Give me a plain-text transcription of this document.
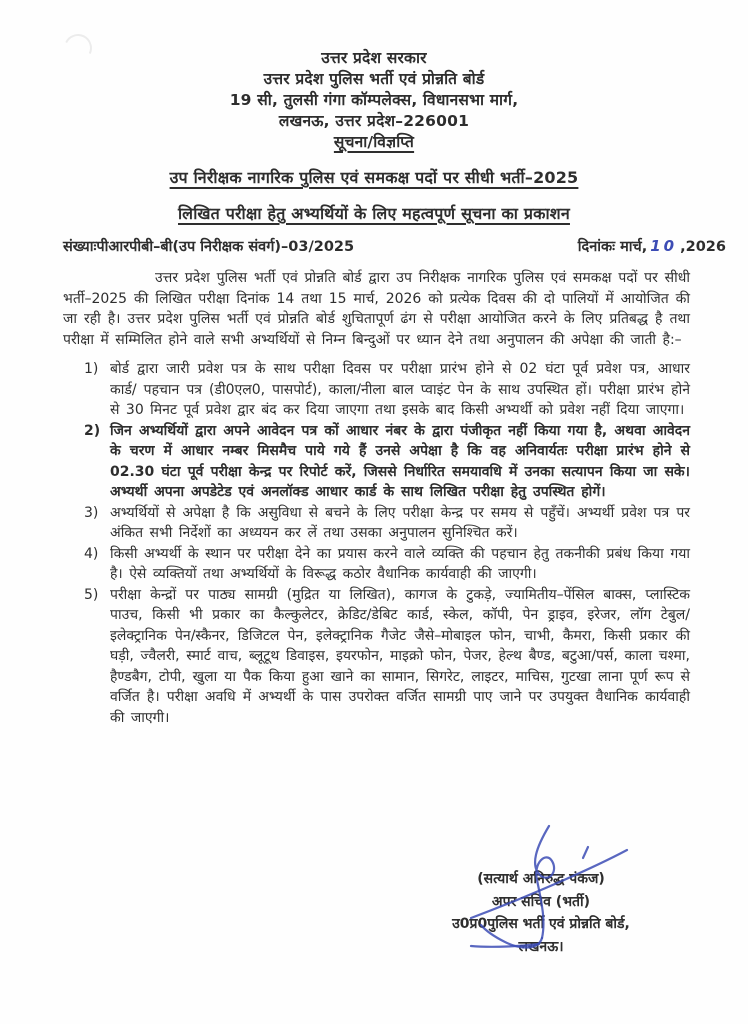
उत्तर प्रदेश सरकार
उत्तर प्रदेश पुलिस भर्ती एवं प्रोन्नति बोर्ड
19 सी, तुलसी गंगा कॉम्पलेक्स, विधानसभा मार्ग,
लखनऊ, उत्तर प्रदेश–226001
सूचना/विज्ञप्ति
उप निरीक्षक नागरिक पुलिस एवं समकक्ष पदों पर सीधी भर्ती–2025
लिखित परीक्षा हेतु अभ्यर्थियों के लिए महत्वपूर्ण सूचना का प्रकाशन
संख्याःपीआरपीबी–बी(उप निरीक्षक संवर्ग)–03/2025	दिनांकः मार्च, 10 ,2026

उत्तर प्रदेश पुलिस भर्ती एवं प्रोन्नति बोर्ड द्वारा उप निरीक्षक नागरिक पुलिस एवं समकक्ष पदों पर सीधी भर्ती–2025 की लिखित परीक्षा दिनांक 14 तथा 15 मार्च, 2026 को प्रत्येक दिवस की दो पालियों में आयोजित की जा रही है। उत्तर प्रदेश पुलिस भर्ती एवं प्रोन्नति बोर्ड शुचितापूर्ण ढंग से परीक्षा आयोजित करने के लिए प्रतिबद्ध है तथा परीक्षा में सम्मिलित होने वाले सभी अभ्यर्थियों से निम्न बिन्दुओं पर ध्यान देने तथा अनुपालन की अपेक्षा की जाती है:–

1) बोर्ड द्वारा जारी प्रवेश पत्र के साथ परीक्षा दिवस पर परीक्षा प्रारंभ होने से 02 घंटा पूर्व प्रवेश पत्र, आधार कार्ड/ पहचान पत्र (डी0एल0, पासपोर्ट), काला/नीला बाल प्वाइंट पेन के साथ उपस्थित हों। परीक्षा प्रारंभ होने से 30 मिनट पूर्व प्रवेश द्वार बंद कर दिया जाएगा तथा इसके बाद किसी अभ्यर्थी को प्रवेश नहीं दिया जाएगा।
2) जिन अभ्यर्थियों द्वारा अपने आवेदन पत्र कों आधार नंबर के द्वारा पंजीकृत नहीं किया गया है, अथवा आवेदन के चरण में आधार नम्बर मिसमैच पाये गये हैं उनसे अपेक्षा है कि वह अनिवार्यतः परीक्षा प्रारंभ होने से 02.30 घंटा पूर्व परीक्षा केन्द्र पर रिपोर्ट करें, जिससे निर्धारित समयावधि में उनका सत्यापन किया जा सके। अभ्यर्थी अपना अपडेटेड एवं अनलॉक्ड आधार कार्ड के साथ लिखित परीक्षा हेतु उपस्थित होगें।
3) अभ्यर्थियों से अपेक्षा है कि असुविधा से बचने के लिए परीक्षा केन्द्र पर समय से पहुँचें। अभ्यर्थी प्रवेश पत्र पर अंकित सभी निर्देशों का अध्ययन कर लें तथा उसका अनुपालन सुनिश्चित करें।
4) किसी अभ्यर्थी के स्थान पर परीक्षा देने का प्रयास करने वाले व्यक्ति की पहचान हेतु तकनीकी प्रबंध किया गया है। ऐसे व्यक्तियों तथा अभ्यर्थियों के विरूद्ध कठोर वैधानिक कार्यवाही की जाएगी।
5) परीक्षा केन्द्रों पर पाठ्य सामग्री (मुद्रित या लिखित), कागज के टुकड़े, ज्यामितीय–पेंसिल बाक्स, प्लास्टिक पाउच, किसी भी प्रकार का कैल्कुलेटर, क्रेडिट/डेबिट कार्ड, स्केल, कॉपी, पेन ड्राइव, इरेजर, लॉग टेबुल/इलेक्ट्रानिक पेन/स्कैनर, डिजिटल पेन, इलेक्ट्रानिक गैजेट जैसे–मोबाइल फोन, चाभी, कैमरा, किसी प्रकार की घड़ी, ज्वैलरी, स्मार्ट वाच, ब्लूटूथ डिवाइस, इयरफोन, माइक्रो फोन, पेजर, हेल्थ बैण्ड, बटुआ/पर्स, काला चश्मा, हैण्डबैग, टोपी, खुला या पैक किया हुआ खाने का सामान, सिगरेट, लाइटर, माचिस, गुटखा लाना पूर्ण रूप से वर्जित है। परीक्षा अवधि में अभ्यर्थी के पास उपरोक्त वर्जित सामग्री पाए जाने पर उपयुक्त वैधानिक कार्यवाही की जाएगी।
(सत्यार्थ अनिरुद्ध पंकज)
अपर सचिव (भर्ती)
उ0प्र0पुलिस भर्ती एवं प्रोन्नति बोर्ड,
लखनऊ।
